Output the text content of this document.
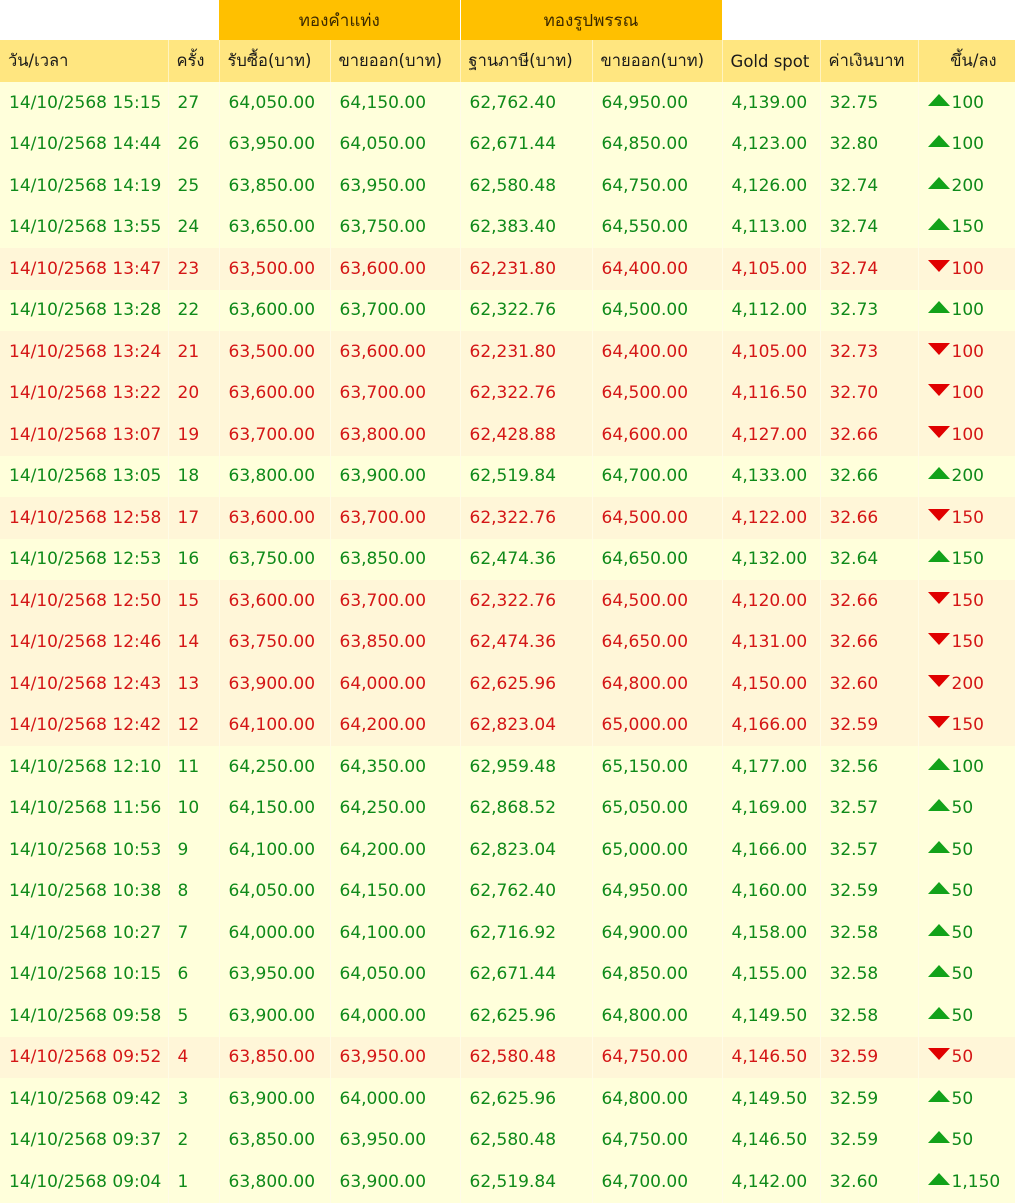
		ทองคำแท่ง		ทองรูปพรรณ				
วัน/เวลา	ครั้ง	รับซื้อ(บาท)	ขายออก(บาท)	ฐานภาษี(บาท)	ขายออก(บาท)	Gold spot	ค่าเงินบาท	ขึ้น/ลง
14/10/2568 15:15	27	64,050.00	64,150.00	62,762.40	64,950.00	4,139.00	32.75	100
14/10/2568 14:44	26	63,950.00	64,050.00	62,671.44	64,850.00	4,123.00	32.80	100
14/10/2568 14:19	25	63,850.00	63,950.00	62,580.48	64,750.00	4,126.00	32.74	200
14/10/2568 13:55	24	63,650.00	63,750.00	62,383.40	64,550.00	4,113.00	32.74	150
14/10/2568 13:47	23	63,500.00	63,600.00	62,231.80	64,400.00	4,105.00	32.74	100
14/10/2568 13:28	22	63,600.00	63,700.00	62,322.76	64,500.00	4,112.00	32.73	100
14/10/2568 13:24	21	63,500.00	63,600.00	62,231.80	64,400.00	4,105.00	32.73	100
14/10/2568 13:22	20	63,600.00	63,700.00	62,322.76	64,500.00	4,116.50	32.70	100
14/10/2568 13:07	19	63,700.00	63,800.00	62,428.88	64,600.00	4,127.00	32.66	100
14/10/2568 13:05	18	63,800.00	63,900.00	62,519.84	64,700.00	4,133.00	32.66	200
14/10/2568 12:58	17	63,600.00	63,700.00	62,322.76	64,500.00	4,122.00	32.66	150
14/10/2568 12:53	16	63,750.00	63,850.00	62,474.36	64,650.00	4,132.00	32.64	150
14/10/2568 12:50	15	63,600.00	63,700.00	62,322.76	64,500.00	4,120.00	32.66	150
14/10/2568 12:46	14	63,750.00	63,850.00	62,474.36	64,650.00	4,131.00	32.66	150
14/10/2568 12:43	13	63,900.00	64,000.00	62,625.96	64,800.00	4,150.00	32.60	200
14/10/2568 12:42	12	64,100.00	64,200.00	62,823.04	65,000.00	4,166.00	32.59	150
14/10/2568 12:10	11	64,250.00	64,350.00	62,959.48	65,150.00	4,177.00	32.56	100
14/10/2568 11:56	10	64,150.00	64,250.00	62,868.52	65,050.00	4,169.00	32.57	50
14/10/2568 10:53	9	64,100.00	64,200.00	62,823.04	65,000.00	4,166.00	32.57	50
14/10/2568 10:38	8	64,050.00	64,150.00	62,762.40	64,950.00	4,160.00	32.59	50
14/10/2568 10:27	7	64,000.00	64,100.00	62,716.92	64,900.00	4,158.00	32.58	50
14/10/2568 10:15	6	63,950.00	64,050.00	62,671.44	64,850.00	4,155.00	32.58	50
14/10/2568 09:58	5	63,900.00	64,000.00	62,625.96	64,800.00	4,149.50	32.58	50
14/10/2568 09:52	4	63,850.00	63,950.00	62,580.48	64,750.00	4,146.50	32.59	50
14/10/2568 09:42	3	63,900.00	64,000.00	62,625.96	64,800.00	4,149.50	32.59	50
14/10/2568 09:37	2	63,850.00	63,950.00	62,580.48	64,750.00	4,146.50	32.59	50
14/10/2568 09:04	1	63,800.00	63,900.00	62,519.84	64,700.00	4,142.00	32.60	1,150
